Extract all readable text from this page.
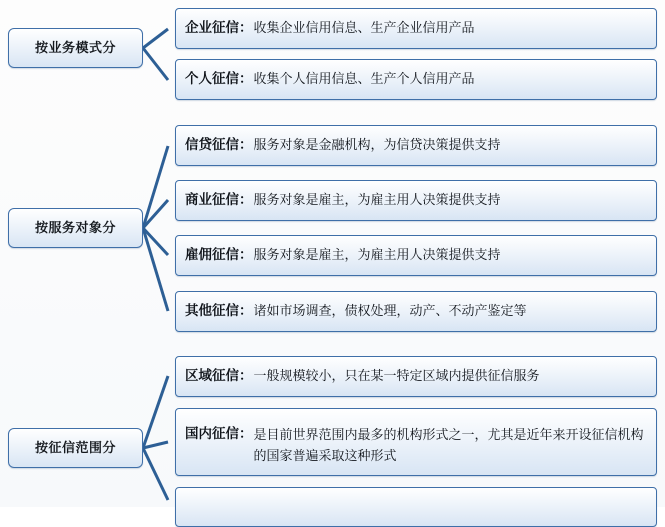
按业务模式分
按服务对象分
按征信范围分
企业征信 ： 收集企业信用信息、生产企业信用产品
个人征信 ： 收集个人信用信息、生产个人信用产品
信贷征信 ： 服务对象是金融机构，为信贷决策提供支持
商业征信 ： 服务对象是雇主，为雇主用人决策提供支持
雇佣征信 ： 服务对象是雇主，为雇主用人决策提供支持
其他征信 ： 诸如市场调查，债权处理，动产、不动产鉴定等
区域征信 ： 一般规模较小，只在某一特定区域内提供征信服务
国内征信 ： 是目前世界范围内最多的机构形式之一，尤其是近年来开设征信机构的国家普遍采取这种形式
